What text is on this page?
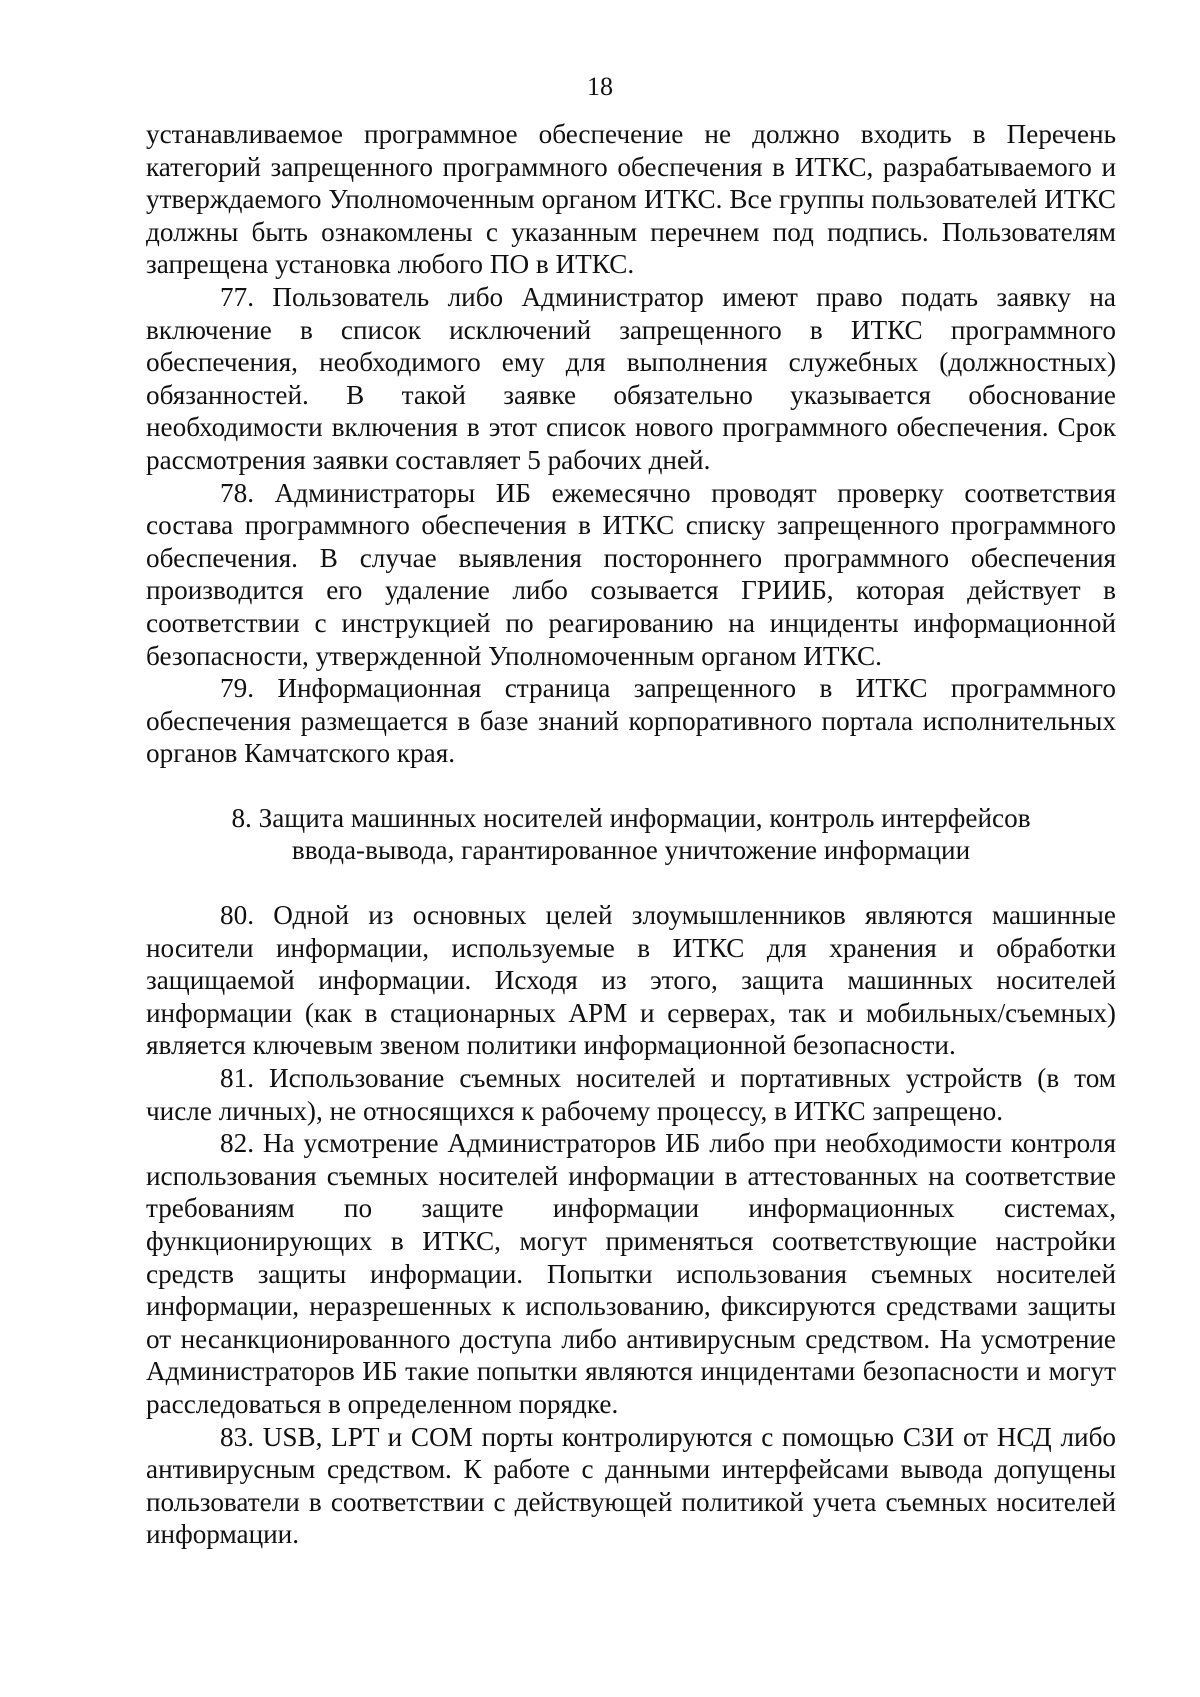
18

устанавливаемое программное обеспечение не должно входить в Перечень категорий запрещенного программного обеспечения в ИТКС, разрабатываемого и утверждаемого Уполномоченным органом ИТКС. Все группы пользователей ИТКС должны быть ознакомлены с указанным перечнем под подпись. Пользователям запрещена установка любого ПО в ИТКС.

77. Пользователь либо Администратор имеют право подать заявку на включение в список исключений запрещенного в ИТКС программного обеспечения, необходимого ему для выполнения служебных (должностных) обязанностей. В такой заявке обязательно указывается обоснование необходимости включения в этот список нового программного обеспечения. Срок рассмотрения заявки составляет 5 рабочих дней.

78. Администраторы ИБ ежемесячно проводят проверку соответствия состава программного обеспечения в ИТКС списку запрещенного программного обеспечения. В случае выявления постороннего программного обеспечения производится его удаление либо созывается ГРИИБ, которая действует в соответствии с инструкцией по реагированию на инциденты информационной безопасности, утвержденной Уполномоченным органом ИТКС.

79. Информационная страница запрещенного в ИТКС программного обеспечения размещается в базе знаний корпоративного портала исполнительных органов Камчатского края.

8. Защита машинных носителей информации, контроль интерфейсов
ввода-вывода, гарантированное уничтожение информации

80. Одной из основных целей злоумышленников являются машинные носители информации, используемые в ИТКС для хранения и обработки защищаемой информации. Исходя из этого, защита машинных носителей информации (как в стационарных АРМ и серверах, так и мобильных/съемных) является ключевым звеном политики информационной безопасности.

81. Использование съемных носителей и портативных устройств (в том числе личных), не относящихся к рабочему процессу, в ИТКС запрещено.

82. На усмотрение Администраторов ИБ либо при необходимости контроля использования съемных носителей информации в аттестованных на соответствие требованиям по защите информации информационных системах, функционирующих в ИТКС, могут применяться соответствующие настройки средств защиты информации. Попытки использования съемных носителей информации, неразрешенных к использованию, фиксируются средствами защиты от несанкционированного доступа либо антивирусным средством. На усмотрение Администраторов ИБ такие попытки являются инцидентами безопасности и могут расследоваться в определенном порядке.

83. USB, LPT и COM порты контролируются с помощью СЗИ от НСД либо антивирусным средством. К работе с данными интерфейсами вывода допущены пользователи в соответствии с действующей политикой учета съемных носителей информации.
